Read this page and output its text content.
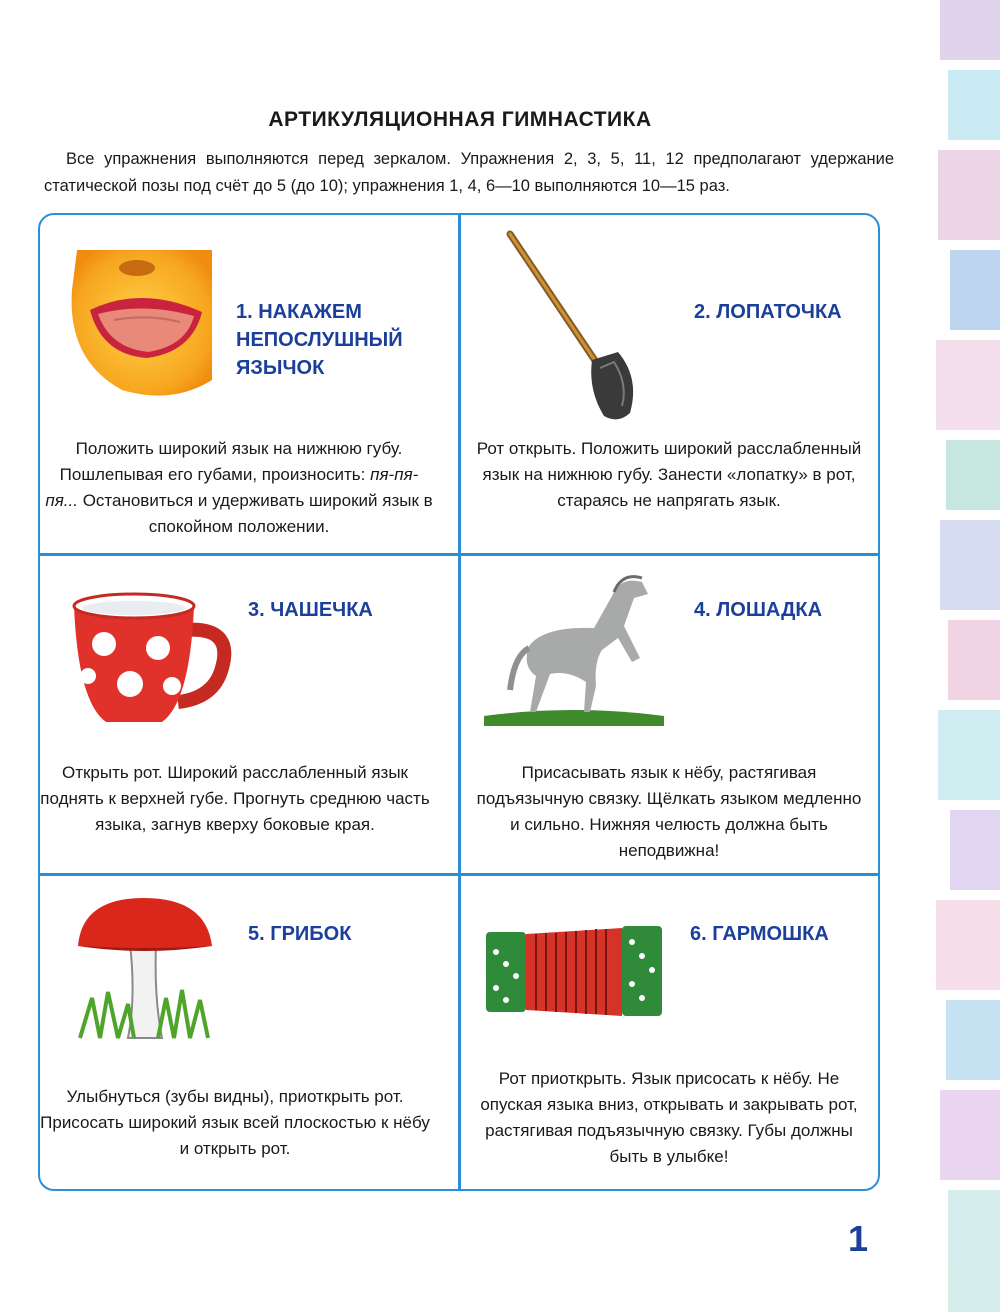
АРТИКУЛЯЦИОННАЯ ГИМНАСТИКА
Все упражнения выполняются перед зеркалом. Упражнения 2, 3, 5, 11, 12 предполагают удержание статической позы под счёт до 5 (до 10); упражнения 1, 4, 6—10 выполняются 10—15 раз.
1. НАКАЖЕМ НЕПОСЛУШНЫЙ ЯЗЫЧОК
Положить широкий язык на нижнюю губу. Пошлепывая его губами, произносить: пя-пя-пя... Остановиться и удерживать широкий язык в спокойном положении.
2. ЛОПАТОЧКА
Рот открыть. Положить широкий расслабленный язык на нижнюю губу. Занести «лопатку» в рот, стараясь не напрягать язык.
3. ЧАШЕЧКА
Открыть рот. Широкий расслабленный язык поднять к верхней губе. Прогнуть среднюю часть языка, загнув кверху боковые края.
4. ЛОШАДКА
Присасывать язык к нёбу, растягивая подъязычную связку. Щёлкать языком медленно и сильно. Нижняя челюсть должна быть неподвижна!
5. ГРИБОК
Улыбнуться (зубы видны), приоткрыть рот. Присосать широкий язык всей плоскостью к нёбу и открыть рот.
6. ГАРМОШКА
Рот приоткрыть. Язык присосать к нёбу. Не опуская языка вниз, открывать и закрывать рот, растягивая подъязычную связку. Губы должны быть в улыбке!
1
